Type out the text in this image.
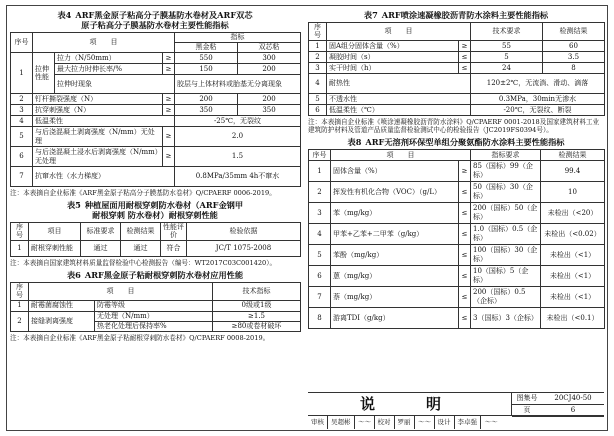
表4 ARF黑金原子粘高分子膜基防水卷材及ARF双芯
原子粘高分子膜基防水卷材主要性能指标
序号	项　　目			指标	
				黑金粘	双芯粘
1	拉伸性能	拉力（N/50mm）	≥	550	300
		最大拉力时伸长率/%	≥	150	200
		拉伸时现象		胶层与上体材料或胎基无分离现象	
2	钉杆撕裂强度（N）		≥	200	200
3	抗穿刺强度（N）		≥	350	350
4	低温柔性			-25℃，无裂纹	
5	与后浇混凝土剥离强度（N/mm）无处理		≥	2.0	
6	与后浇混凝土浸水后剥离强度（N/mm）无处理		≥	1.5	
7	抗窜水性（水力梯度）			0.8MPa/35mm 4h不窜水	
注：本表摘自企业标准《ARF黑金原子粘高分子膜基防水卷材》Q/CPAERF 0006-2019。
表5 种植屋面用耐根穿刺防水卷材（ARF金钢甲
耐根穿刺 防水卷材）耐根穿刺性能
序号	项目	标准要求	检测结果	性能评价	检验依据
1	耐根穿刺性能	通过	通过	符合	JC/T 1075-2008
注：本表摘自国家建筑材料质量监督检验中心检测报告（编号：WT2017C03C001420）。
表6 ARF黑金原子粘耐根穿刺防水卷材应用性能
序号	项　　目		技术指标
1	耐霉菌腐蚀性	防霉等级	0级或1级
2	接缝剥离强度	无处理（N/mm）	≥1.5
		热老化处理后保持率%	≥80或卷材破坏
注：本表摘自企业标准《ARF黑金原子粘耐根穿刺防水卷材》Q/CPAERF 0008-2019。
表7 ARF喷涂速凝橡胶沥青防水涂料主要性能指标
序号	项　　目		技术要求	检测结果
1	固A组分固体含量（%）	≥	55	60
2	凝胶时间（s）	≤	5	3.5
3	实干时间（h）	≤	24	8
4	耐热性		120±2℃，无流淌、滑动、滴落	
5	不透水性		0.3MPa，30min无渗水	
6	低温柔性（℃）		-20℃，无裂纹、断裂	
注：本表摘自企业标准《喷涂速凝橡胶沥青防水涂料》Q/CPAERF 0001-2018及国家建筑材料工业建筑防护材料及管道产品质量监督检验测试中心的检验报告（JC2019FS0394号）。
表8 ARF无溶剂环保型单组分聚氨酯防水涂料主要性能指标
序号	项　　目		指标要求	检测结果
1	固体含量（%）	≥	85（国标）99（企标）	99.4
2	挥发性有机化合物（VOC）（g/L）	≤	50（国标）30（企标）	10
3	苯（mg/kg）	≤	200（国标）50（企标）	未检出（<20）
4	甲苯+乙苯+二甲苯（g/kg）	≤	1.0（国标）0.5（企标）	未检出（<0.02）
5	苯酚（mg/kg）	≤	100（国标）30（企标）	未检出（<1）
6	蒽（mg/kg）	≤	10（国标）5（企标）	未检出（<1）
7	萘（mg/kg）	≤	200（国标）0.5（企标）	未检出（<1）
8	游离TDI（g/kg）	≤	3（国标）3（企标）	未检出（<0.1）
说　明	图集号	20CJ40-50
页	6
审核	吴超彬	〜〜	校对	罗丽	〜〜	设计	李卓强	〜〜
